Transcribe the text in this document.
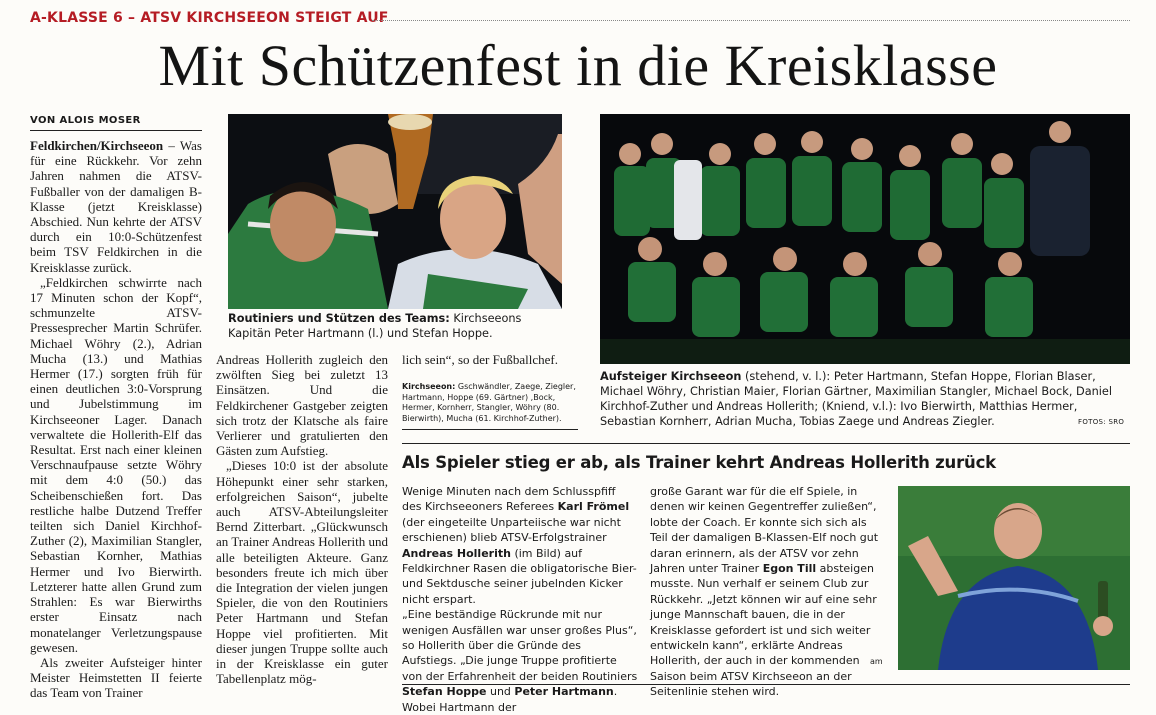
A-KLASSE 6 – ATSV KIRCHSEEON STEIGT AUF
Mit Schützenfest in die Kreisklasse
VON ALOIS MOSER

Feldkirchen/Kirchseeon – Was für eine Rückkehr. Vor zehn Jahren nahmen die ATSV-Fußballer von der damaligen B-Klasse (jetzt Kreisklasse) Abschied. Nun kehrte der ATSV durch ein 10:0-Schützenfest beim TSV Feldkirchen in die Kreisklasse zurück.

„Feldkirchen schwirrte nach 17 Minuten schon der Kopf“, schmunzelte ATSV-Pressesprecher Martin Schrüfer. Michael Wöhry (2.), Adrian Mucha (13.) und Mathias Hermer (17.) sorgten früh für einen deutlichen 3:0-Vorsprung und Jubelstimmung im Kirchseeoner Lager. Danach verwaltete die Hollerith-Elf das Resultat. Erst nach einer kleinen Verschnaufpause setzte Wöhry mit dem 4:0 (50.) das Scheibenschießen fort. Das restliche halbe Dutzend Treffer teilten sich Daniel Kirchhof-Zuther (2), Maximilian Stangler, Sebastian Kornher, Mathias Hermer und Ivo Bierwirth. Letzterer hatte allen Grund zum Strahlen: Es war Bierwirths erster Einsatz nach monatelanger Verletzungspause gewesen.

Als zweiter Aufsteiger hinter Meister Heimstetten II feierte das Team von Trainer

Routiniers und Stützen des Teams: Kirchseeons Kapitän Peter Hartmann (l.) und Stefan Hoppe.

Andreas Hollerith zugleich den zwölften Sieg bei zuletzt 13 Einsätzen. Und die Feldkirchener Gastgeber zeigten sich trotz der Klatsche als faire Verlierer und gratulierten den Gästen zum Aufstieg.

„Dieses 10:0 ist der absolute Höhepunkt einer sehr starken, erfolgreichen Saison“, jubelte auch ATSV-Abteilungsleiter Bernd Zitterbart. „Glückwunsch an Trainer Andreas Hollerith und alle beteiligten Akteure. Ganz besonders freute ich mich über die Integration der vielen jungen Spieler, die von den Routiniers Peter Hartmann und Stefan Hoppe viel profitierten. Mit dieser jungen Truppe sollte auch in der Kreisklasse ein guter Tabellenplatz mög-

lich sein“, so der Fußballchef.
Kirchseeon: Gschwändler, Zaege, Ziegler, Hartmann, Hoppe (69. Gärtner) ,Bock, Hermer, Kornherr, Stangler, Wöhry (80. Bierwirth), Mucha (61. Kirchhof-Zuther).
Aufsteiger Kirchseeon (stehend, v. l.): Peter Hartmann, Stefan Hoppe, Florian Blaser, Michael Wöhry, Christian Maier, Florian Gärtner, Maximilian Stangler, Michael Bock, Daniel Kirchhof-Zuther und Andreas Hollerith; (Kniend, v.l.): Ivo Bierwirth, Matthias Hermer, Sebastian Kornherr, Adrian Mucha, Tobias Zaege und Andreas Ziegler.	FOTOS: SRO
Als Spieler stieg er ab, als Trainer kehrt Andreas Hollerith zurück
Wenige Minuten nach dem Schlusspfiff des Kirchseeoners Referees Karl Frömel (der eingeteilte Unparteiische war nicht erschienen) blieb ATSV-Erfolgstrainer Andreas Hollerith (im Bild) auf Feldkirchner Rasen die obligatorische Bier- und Sektdusche seiner jubelnden Kicker nicht erspart.
„Eine beständige Rückrunde mit nur wenigen Ausfällen war unser großes Plus“, so Hollerith über die Gründe des Aufstiegs. „Die junge Truppe profitierte von der Erfahrenheit der beiden Routiniers Stefan Hoppe und Peter Hartmann. Wobei Hartmann der
große Garant war für die elf Spiele, in denen wir keinen Gegentreffer zuließen“, lobte der Coach. Er konnte sich sich als Teil der damaligen B-Klassen-Elf noch gut daran erinnern, als der ATSV vor zehn Jahren unter Trainer Egon Till absteigen musste. Nun verhalf er seinem Club zur Rückkehr. „Jetzt können wir auf eine sehr junge Mannschaft bauen, die in der Kreisklasse gefordert ist und sich weiter entwickeln kann“, erklärte Andreas Hollerith, der auch in der kommenden Saison beim ATSV Kirchseeon an der Seitenlinie stehen wird.
am
